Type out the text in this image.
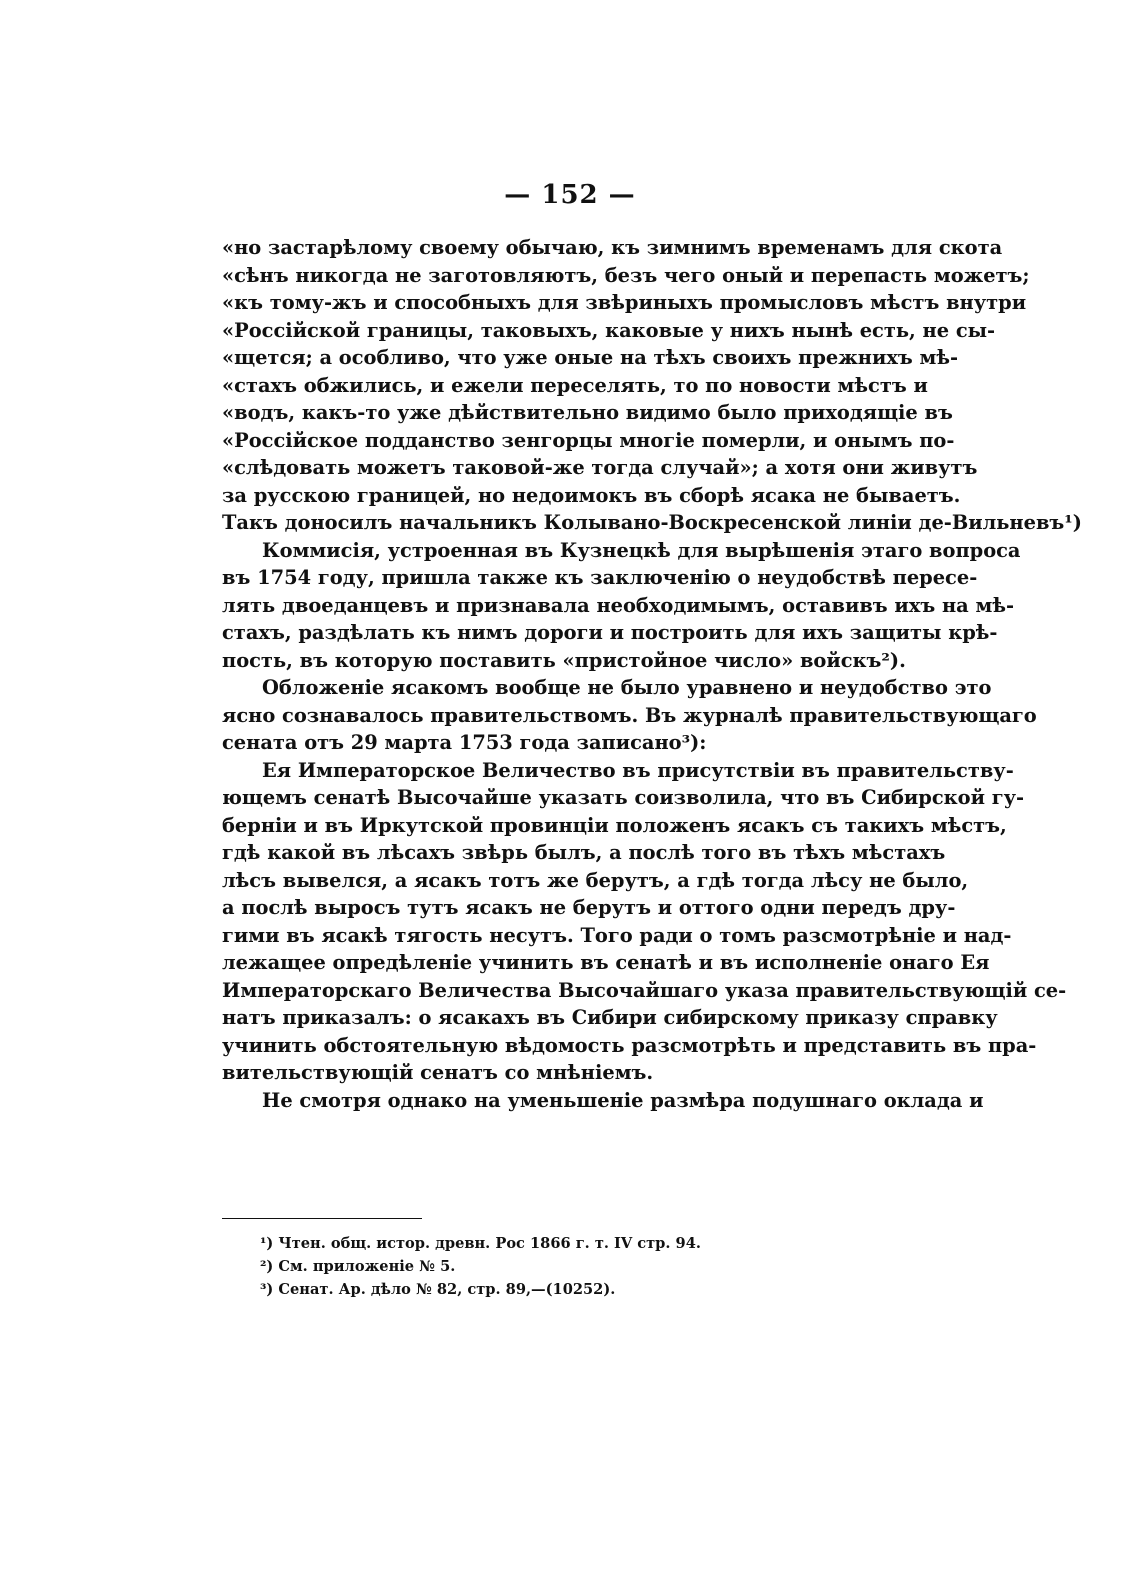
— 152 —
«но застарѣлому своему обычаю, къ зимнимъ временамъ для скота
«сѣнъ никогда не заготовляютъ, безъ чего оный и перепасть можетъ;
«къ тому-жъ и способныхъ для звѣриныхъ промысловъ мѣстъ внутри
«Россійской границы, таковыхъ, каковые у нихъ нынѣ есть, не сы-
«щется; а особливо, что уже оные на тѣхъ своихъ прежнихъ мѣ-
«стахъ обжились, и ежели переселять, то по новости мѣстъ и
«водъ, какъ-то уже дѣйствительно видимо было приходящіе въ
«Россійское подданство зенгорцы многіе померли, и онымъ по-
«слѣдовать можетъ таковой-же тогда случай»; а хотя они живутъ
за русскою границей, но недоимокъ въ сборѣ ясака не бываетъ.
Такъ доносилъ начальникъ Колывано-Воскресенской линіи де-Вильневъ¹)
Коммисія, устроенная въ Кузнецкѣ для вырѣшенія этаго вопроса
въ 1754 году, пришла также къ заключенію о неудобствѣ пересе-
лять двоеданцевъ и признавала необходимымъ, оставивъ ихъ на мѣ-
стахъ, раздѣлать къ нимъ дороги и построить для ихъ защиты крѣ-
пость, въ которую поставить «пристойное число» войскъ²).
Обложеніе ясакомъ вообще не было уравнено и неудобство это
ясно сознавалось правительствомъ. Въ журналѣ правительствующаго
сената отъ 29 марта 1753 года записано³):
Ея Императорское Величество въ присутствіи въ правительству-
ющемъ сенатѣ Высочайше указать соизволила, что въ Сибирской гу-
берніи и въ Иркутской провинціи положенъ ясакъ съ такихъ мѣстъ,
гдѣ какой въ лѣсахъ звѣрь былъ, а послѣ того въ тѣхъ мѣстахъ
лѣсъ вывелся, а ясакъ тотъ же берутъ, а гдѣ тогда лѣсу не было,
а послѣ выросъ тутъ ясакъ не берутъ и оттого одни передъ дру-
гими въ ясакѣ тягость несутъ. Того ради о томъ разсмотрѣніе и над-
лежащее опредѣленіе учинить въ сенатѣ и въ исполненіе онаго Ея
Императорскаго Величества Высочайшаго указа правительствующій се-
натъ приказалъ: о ясакахъ въ Сибири сибирскому приказу справку
учинить обстоятельную вѣдомость разсмотрѣть и представить въ пра-
вительствующій сенатъ со мнѣніемъ.
Не смотря однако на уменьшеніе размѣра подушнаго оклада и
¹) Чтен. общ. истор. древн. Рос 1866 г. т. IV стр. 94.
²) См. приложеніе № 5.
³) Сенат. Ар. дѣло № 82, стр. 89,—(10252).
